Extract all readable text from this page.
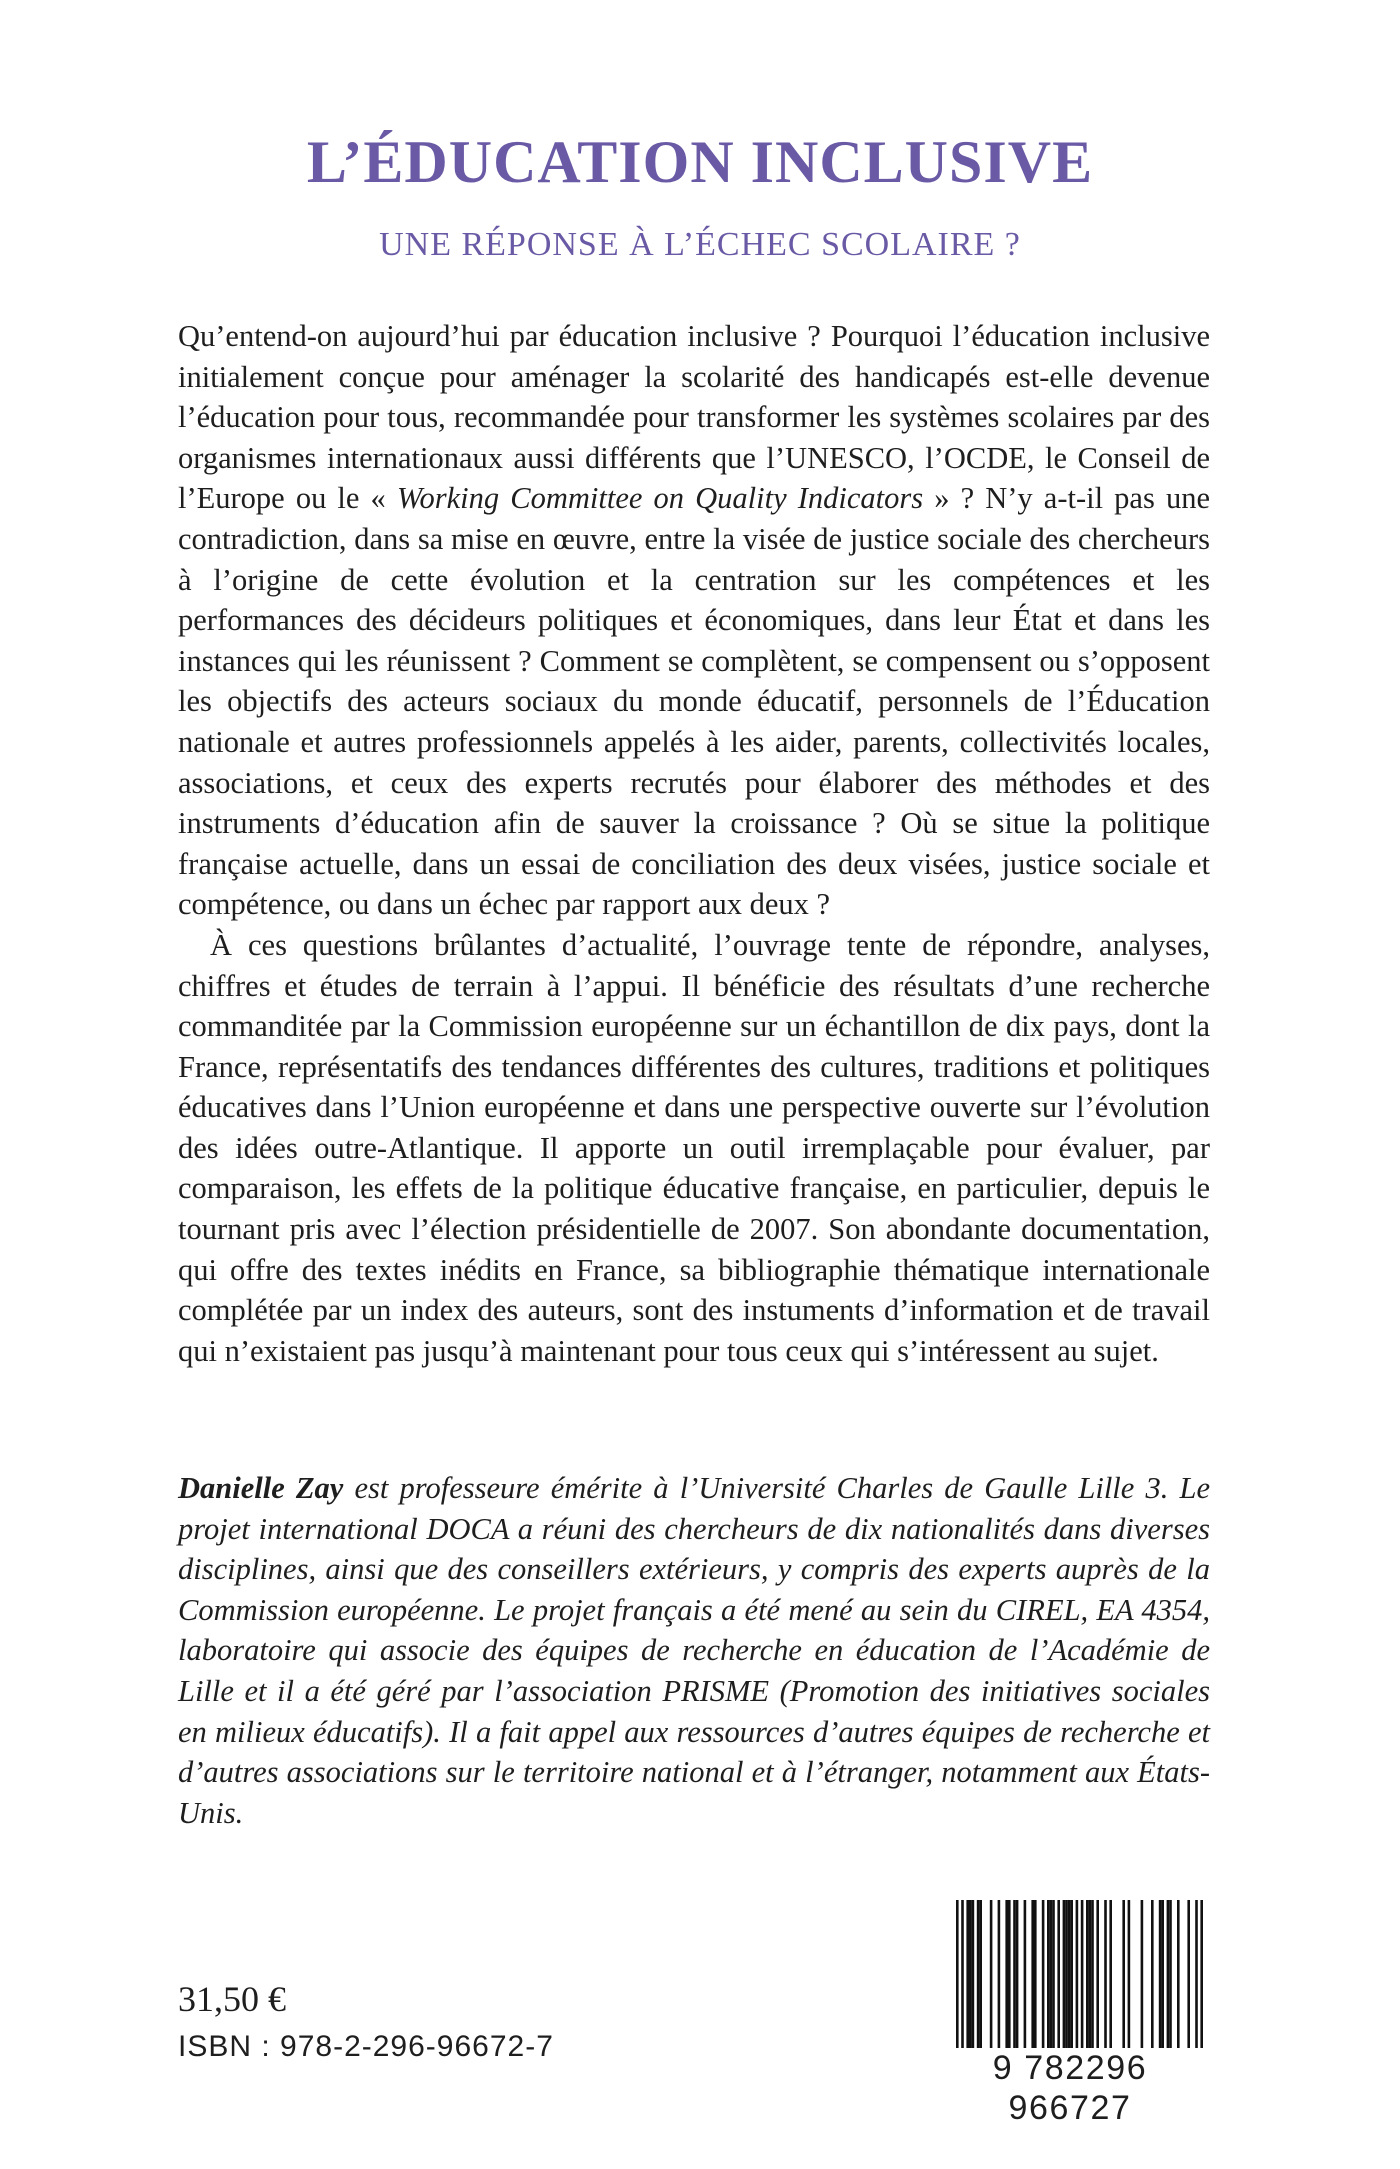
L’ÉDUCATION INCLUSIVE
UNE RÉPONSE À L’ÉCHEC SCOLAIRE ?

Qu’entend-on aujourd’hui par éducation inclusive ? Pourquoi l’éducation inclusive initialement conçue pour aménager la scolarité des handicapés est-elle devenue l’éducation pour tous, recommandée pour transformer les systèmes scolaires par des organismes internationaux aussi différents que l’UNESCO, l’OCDE, le Conseil de l’Europe ou le « Working Committee on Quality Indicators » ? N’y a-t-il pas une contradiction, dans sa mise en œuvre, entre la visée de justice sociale des chercheurs à l’origine de cette évolution et la centration sur les compétences et les performances des décideurs politiques et économiques, dans leur État et dans les instances qui les réunissent ? Comment se complètent, se compensent ou s’opposent les objectifs des acteurs sociaux du monde éducatif, personnels de l’Éducation nationale et autres professionnels appelés à les aider, parents, collectivités locales, associations, et ceux des experts recrutés pour élaborer des méthodes et des instruments d’éducation afin de sauver la croissance ? Où se situe la politique française actuelle, dans un essai de conciliation des deux visées, justice sociale et compétence, ou dans un échec par rapport aux deux ?

À ces questions brûlantes d’actualité, l’ouvrage tente de répondre, analyses, chiffres et études de terrain à l’appui. Il bénéficie des résultats d’une recherche commanditée par la Commission européenne sur un échantillon de dix pays, dont la France, représentatifs des tendances différentes des cultures, traditions et politiques éducatives dans l’Union européenne et dans une perspective ouverte sur l’évolution des idées outre-Atlantique. Il apporte un outil irremplaçable pour évaluer, par comparaison, les effets de la politique éducative française, en particulier, depuis le tournant pris avec l’élection présidentielle de 2007. Son abondante documentation, qui offre des textes inédits en France, sa bibliographie thématique internationale complétée par un index des auteurs, sont des instuments d’information et de travail qui n’existaient pas jusqu’à maintenant pour tous ceux qui s’intéressent au sujet.

Danielle Zay est professeure émérite à l’Université Charles de Gaulle Lille 3. Le projet international DOCA a réuni des chercheurs de dix nationalités dans diverses disciplines, ainsi que des conseillers extérieurs, y compris des experts auprès de la Commission européenne. Le projet français a été mené au sein du CIREL, EA 4354, laboratoire qui associe des équipes de recherche en éducation de l’Académie de Lille et il a été géré par l’association PRISME (Promotion des initiatives sociales en milieux éducatifs). Il a fait appel aux ressources d’autres équipes de recherche et d’autres associations sur le territoire national et à l’étranger, notamment aux États-Unis.

31,50 €
ISBN : 978-2-296-96672-7
9 782296 966727
